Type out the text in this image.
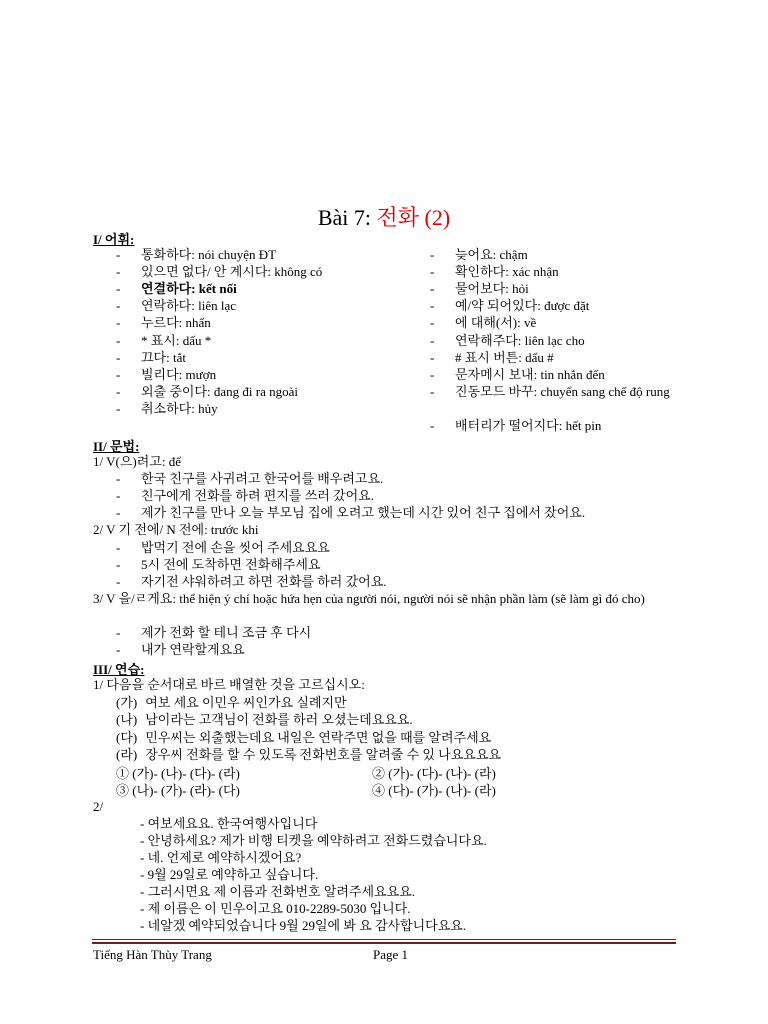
Bài 7: 전화 (2)
I/ 어휘:
- 통화하다: nói chuyện ĐT
- 있으면 없다/ 안 계시다: không có
- 연결하다: kết nối
- 연락하다: liên lạc
- 누르다: nhấn
- * 표시: dấu *
- 끄다: tắt
- 빌리다: mượn
- 외출 중이다: đang đi ra ngoài
- 취소하다: hủy
- 늦어요: chậm
- 확인하다: xác nhận
- 물어보다: hỏi
- 예/약 되어있다: được đặt
- 에 대해(서): về
- 연락해주다: liên lạc cho
- # 표시 버튼: dấu #
- 문자메시 보내: tin nhắn đến
- 진동모드 바꾸: chuyển sang chế độ rung
- 배터리가 떨어지다: hết pin
II/ 문법:
1/ V(으)려고: để
- 한국 친구를 사귀려고 한국어를 배우려고요.
- 친구에게 전화를 하려 편지를 쓰러 갔어요.
- 제가 친구를 만나 오늘 부모님 집에 오려고 했는데 시간 있어 친구 집에서 잤어요.
2/ V 기 전에/ N 전에: trước khi
- 밥먹기 전에 손을 씻어 주세요요요
- 5시 전에 도착하면 전화해주세요
- 자기전 샤워하려고 하면 전화를 하러 갔어요.
3/ V 을/ㄹ게요: thể hiện ý chí hoặc hứa hẹn của người nói, người nói sẽ nhận phần làm (sẽ làm gì đó cho)
- 제가 전화 할 테니 조금 후 다시
- 내가 연락할게요요
III/ 연습:
1/ 다음을 순서대로 바르 배열한 것을 고르십시오:
(가) 여보 세요 이민우 씨인가요 실례지만
(나) 남이라는 고객님이 전화를 하러 오셨는데요요요.
(다) 민우씨는 외출했는데요 내일은 연락주면 없을 때를 알려주세요
(라) 장우씨 전화를 할 수 있도록 전화번호를 알려줄 수 있 나요요요요
① (가)- (나)- (다)- (라)	② (가)- (다)- (나)- (라)
③ (나)- (가)- (라)- (다)	④ (다)- (가)- (나)- (라)
2/
- 여보세요요. 한국여행사입니다
- 안녕하세요? 제가 비행 티켓을 예약하려고 전화드렸습니다요.
- 네. 언제로 예약하시겠어요?
- 9월 29일로 예약하고 싶습니다.
- 그러시면요 제 이름과 전화번호 알려주세요요요.
- 제 이름은 이 민우이고요 010-2289-5030 입니다.
- 네알겠 예약되었습니다 9월 29일에 봐 요 감사합니다요요.
Tiếng Hàn Thùy Trang	Page 1
